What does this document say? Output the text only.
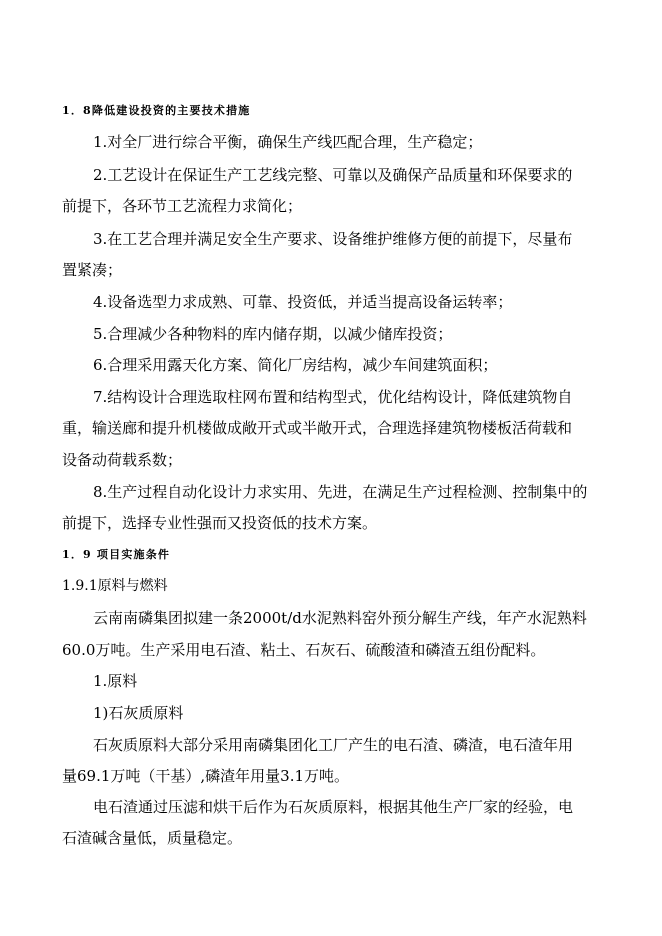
1．8降低建设投资的主要技术措施
1.对全厂进行综合平衡，确保生产线匹配合理，生产稳定；
2.工艺设计在保证生产工艺线完整、可靠以及确保产品质量和环保要求的
前提下，各环节工艺流程力求简化；
3.在工艺合理并满足安全生产要求、设备维护维修方便的前提下，尽量布
置紧凑；
4.设备选型力求成熟、可靠、投资低，并适当提高设备运转率；
5.合理减少各种物料的库内储存期，以减少储库投资；
6.合理采用露天化方案、简化厂房结构，减少车间建筑面积；
7.结构设计合理选取柱网布置和结构型式，优化结构设计，降低建筑物自
重，输送廊和提升机楼做成敞开式或半敞开式，合理选择建筑物楼板活荷载和
设备动荷载系数；
8.生产过程自动化设计力求实用、先进，在满足生产过程检测、控制集中的
前提下，选择专业性强而又投资低的技术方案。
1．9 项目实施条件
1.9.1原料与燃料
云南南磷集团拟建一条2000t/d水泥熟料窑外预分解生产线，年产水泥熟料
60.0万吨。生产采用电石渣、粘土、石灰石、硫酸渣和磷渣五组份配料。
1.原料
1)石灰质原料
石灰质原料大部分采用南磷集团化工厂产生的电石渣、磷渣，电石渣年用
量69.1万吨（干基）,磷渣年用量3.1万吨。
电石渣通过压滤和烘干后作为石灰质原料，根据其他生产厂家的经验，电
石渣碱含量低，质量稳定。
